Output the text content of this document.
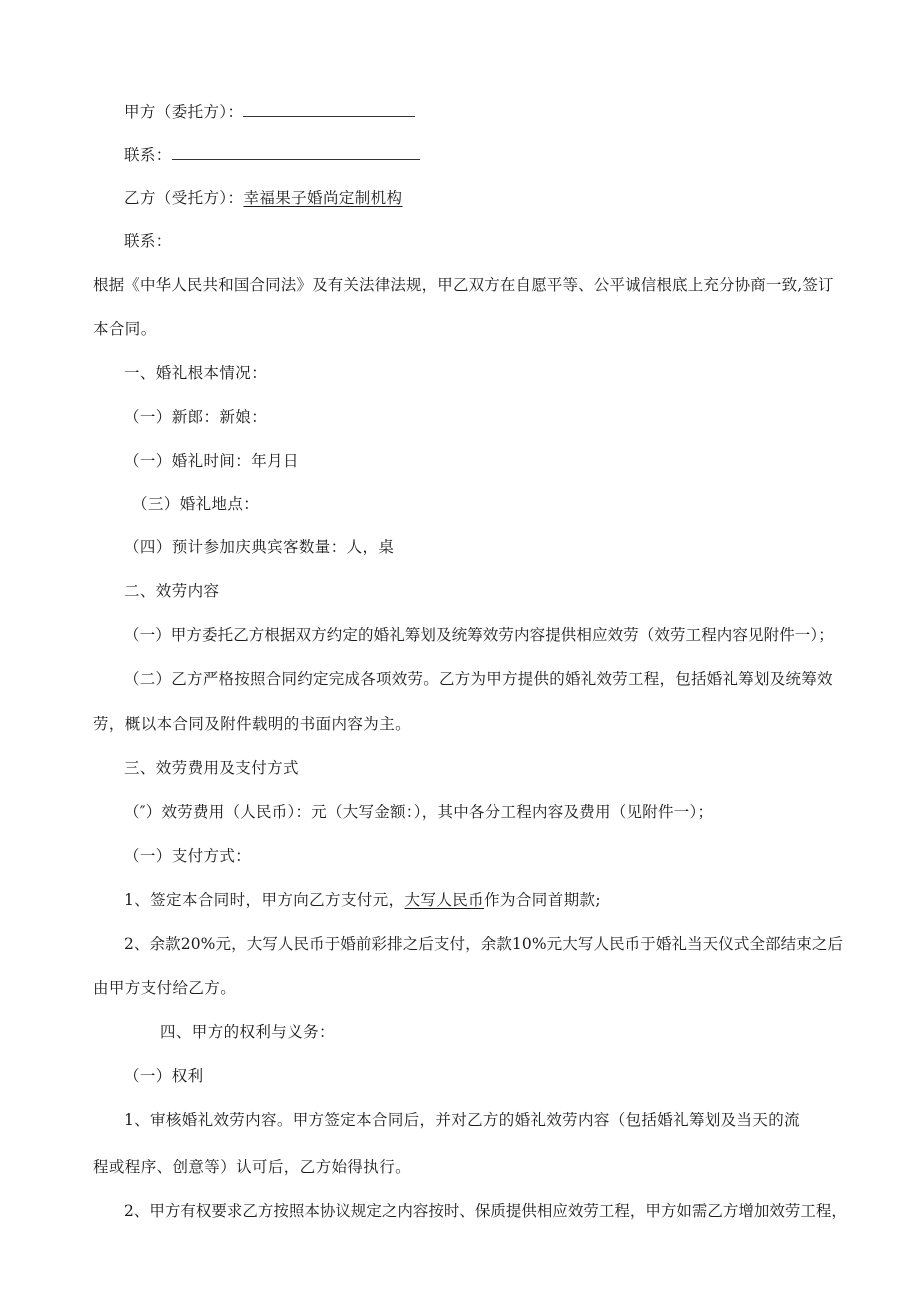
甲方（委托方）：
联系：
乙方（受托方）：幸福果子婚尚定制机构
联系：
根据《中华人民共和国合同法》及有关法律法规，甲乙双方在自愿平等、公平诚信根底上充分协商一致,签订
本合同。
一、婚礼根本情况：
（一）新郎：新娘：
（一）婚礼时间：年月日
（三）婚礼地点：
（四）预计参加庆典宾客数量：人，桌
二、效劳内容
（一）甲方委托乙方根据双方约定的婚礼筹划及统筹效劳内容提供相应效劳（效劳工程内容见附件一）；
（二）乙方严格按照合同约定完成各项效劳。乙方为甲方提供的婚礼效劳工程，包括婚礼筹划及统筹效
劳，概以本合同及附件载明的书面内容为主。
三、效劳费用及支付方式
（″）效劳费用（人民币）：元（大写金额：），其中各分工程内容及费用（见附件一）；
（一）支付方式：
1、签定本合同时，甲方向乙方支付元，大写人民币作为合同首期款;
2、余款20%元，大写人民币于婚前彩排之后支付，余款10%元大写人民币于婚礼当天仪式全部结束之后
由甲方支付给乙方。
四、甲方的权利与义务：
（一）权利
1、审核婚礼效劳内容。甲方签定本合同后，并对乙方的婚礼效劳内容（包括婚礼筹划及当天的流
程或程序、创意等）认可后，乙方始得执行。
2、甲方有权要求乙方按照本协议规定之内容按时、保质提供相应效劳工程，甲方如需乙方增加效劳工程，
